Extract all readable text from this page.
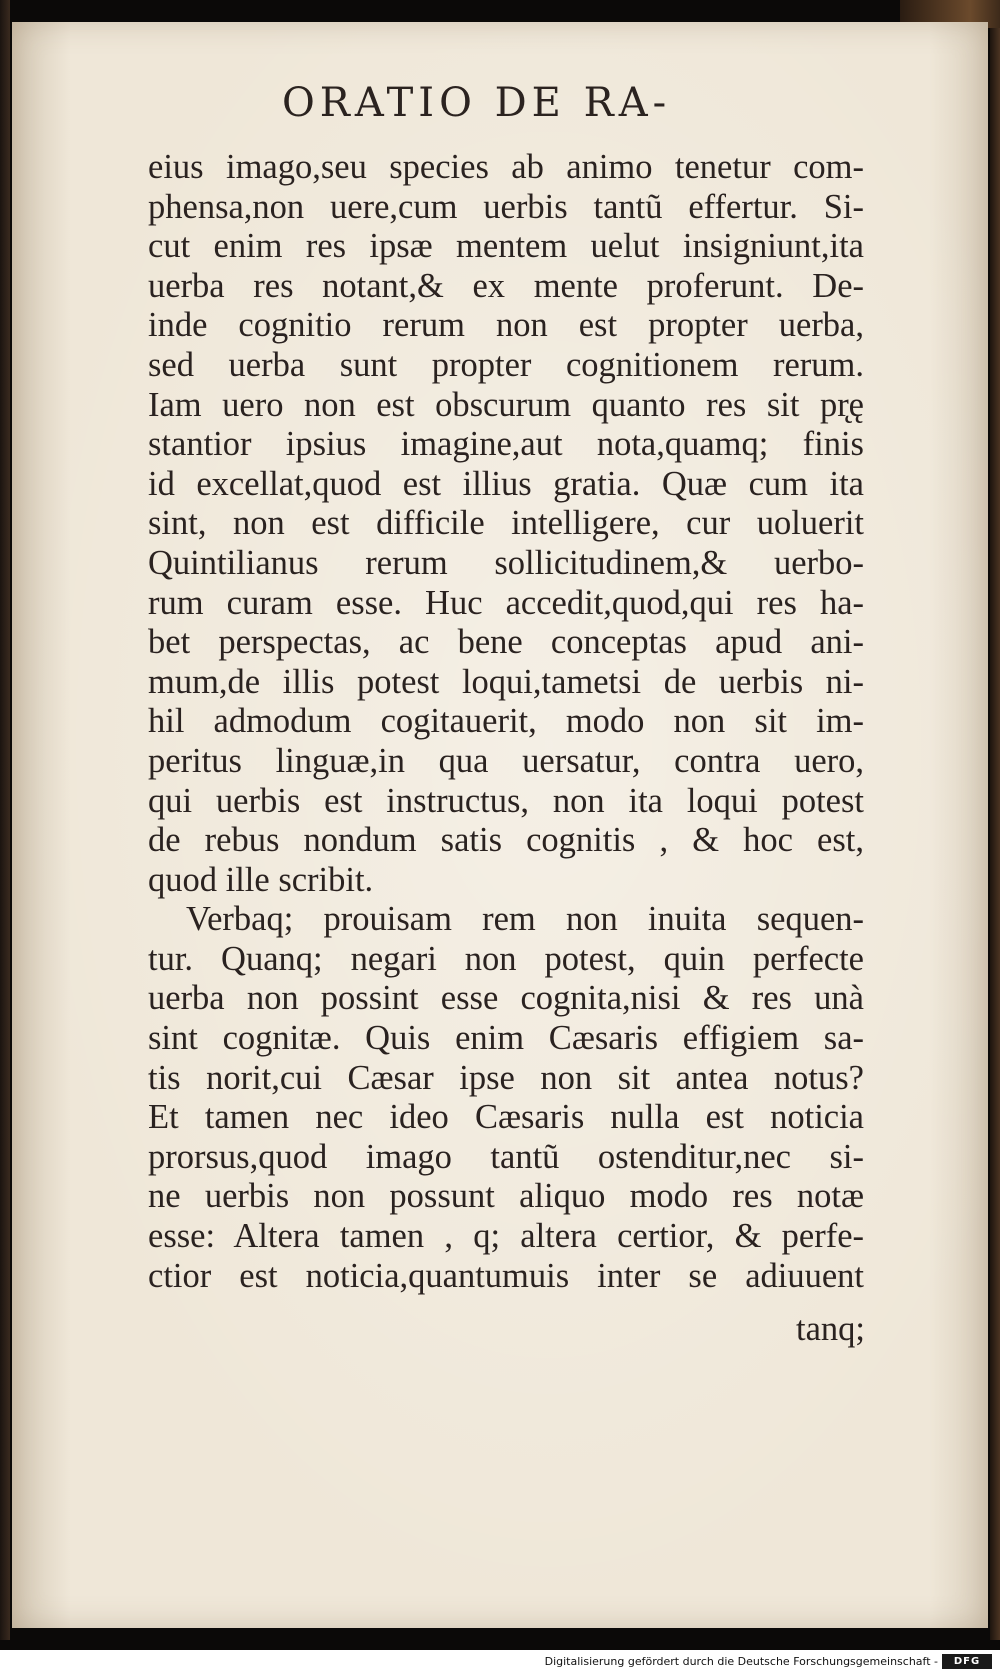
ORATIO DE RA-
eius imago,seu species ab animo tenetur com-
phensa,non uere,cum uerbis tantũ effertur. Si-
cut enim res ipsæ mentem uelut insigniunt,ita
uerba res notant,& ex mente proferunt. De-
inde cognitio rerum non est propter uerba,
sed uerba sunt propter cognitionem rerum.
Iam uero non est obscurum quanto res sit pr̨ę
stantior ipsius imagine,aut nota,quamq; finis
id excellat,quod est illius gratia. Quæ cum ita
sint, non est difficile intelligere, cur uoluerit
Quintilianus rerum sollicitudinem,& uerbo-
rum curam esse. Huc accedit,quod,qui res ha-
bet perspectas, ac bene conceptas apud ani-
mum,de illis potest loqui,tametsi de uerbis ni-
hil admodum cogitauerit, modo non sit im-
peritus linguæ,in qua uersatur, contra uero,
qui uerbis est instructus, non ita loqui potest
de rebus nondum satis cognitis , & hoc est,
quod ille scribit.
Verbaq; prouisam rem non inuita sequen-
tur. Quanq; negari non potest, quin perfecte
uerba non possint esse cognita,nisi & res unà
sint cognitæ. Quis enim Cæsaris effigiem sa-
tis norit,cui Cæsar ipse non sit antea notus?
Et tamen nec ideo Cæsaris nulla est noticia
prorsus,quod imago tantũ ostenditur,nec si-
ne uerbis non possunt aliquo modo res notæ
esse: Altera tamen , q; altera certior, & perfe-
ctior est noticia,quantumuis inter se adiuuent
tanq;
Digitalisierung gefördert durch die Deutsche Forschungsgemeinschaft -	DFG
